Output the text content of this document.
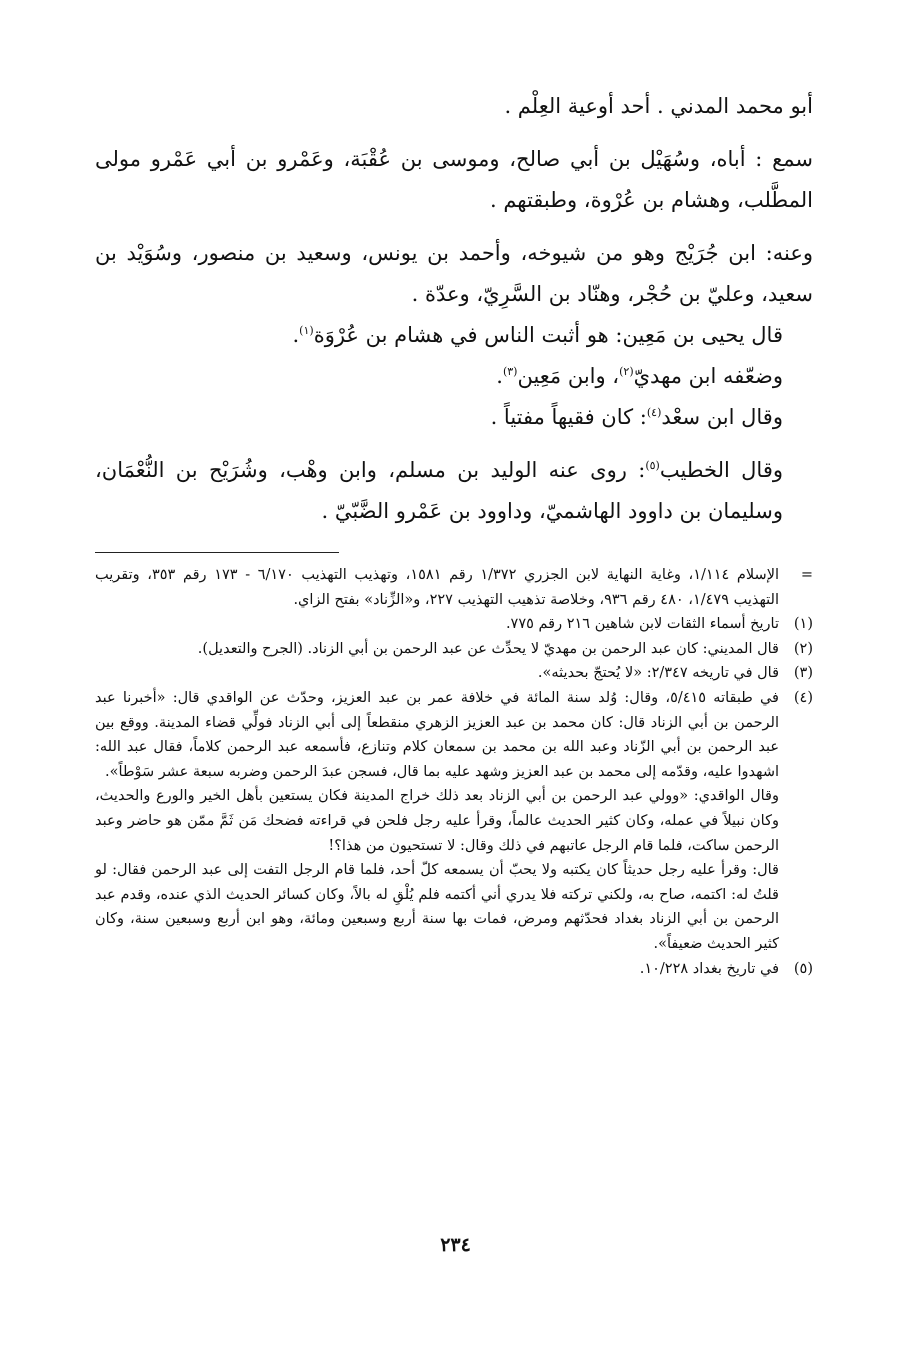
أبو محمد المدني . أحد أوعية العِلْم .

سمع : أباه، وسُهَيْل بن أبي صالح، وموسى بن عُقْبَة، وعَمْرو بن أبي عَمْرو مولى المطَّلب، وهشام بن عُرْوة، وطبقتهم .

وعنه: ابن جُرَيْج وهو من شيوخه، وأحمد بن يونس، وسعيد بن منصور، وسُوَيْد بن سعيد، وعليّ بن حُجْر، وهنّاد بن السَّرِيّ، وعدّة .

قال يحيى بن مَعِين: هو أثبت الناس في هشام بن عُرْوَة$^{(١)}$.

وضعّفه ابن مهديّ$^{(٢)}$، وابن مَعِين$^{(٣)}$.

وقال ابن سعْد$^{(٤)}$: كان فقيهاً مفتياً .

وقال الخطيب$^{(٥)}$: روى عنه الوليد بن مسلم، وابن وهْب، وشُرَيْح بن النُّعْمَان، وسليمان بن داوود الهاشميّ، وداوود بن عَمْرو الضَّبّيّ .

=
الإسلام ١/١١٤، وغاية النهاية لابن الجزري ١/٣٧٢ رقم ١٥٨١، وتهذيب التهذيب ٦/١٧٠ - ١٧٣ رقم ٣٥٣، وتقريب التهذيب ١/٤٧٩، ٤٨٠ رقم ٩٣٦، وخلاصة تذهيب التهذيب ٢٢٧، و«الزِّناد» بفتح الزاي.
(١)
تاريخ أسماء الثقات لابن شاهين ٢١٦ رقم ٧٧٥.
(٢)
قال المديني: كان عبد الرحمن بن مهديّ لا يحدِّث عن عبد الرحمن بن أبي الزناد. (الجرح والتعديل).
(٣)
قال في تاريخه ٢/٣٤٧: «لا يُحتجّ بحديثه».
(٤)
في طبقاته ٥/٤١٥، وقال: وُلد سنة المائة في خلافة عمر بن عبد العزيز، وحدّث عن الواقدي قال: «أخبرنا عبد الرحمن بن أبي الزناد قال: كان محمد بن عبد العزيز الزهري منقطعاً إلى أبي الزناد فولِّي قضاء المدينة. ووقع بين عبد الرحمن بن أبي الزّناد وعبد الله بن محمد بن سمعان كلام وتنازع، فأسمعه عبد الرحمن كلاماً، فقال عبد الله: اشهدوا عليه، وقدّمه إلى محمد بن عبد العزيز وشهد عليه بما قال، فسجن عبدَ الرحمن وضربه سبعة عشر سَوْطاً».
وقال الواقدي: «وولي عبد الرحمن بن أبي الزناد بعد ذلك خراج المدينة فكان يستعين بأهل الخير والورع والحديث، وكان نبيلاً في عمله، وكان كثير الحديث عالماً، وقرأ عليه رجل فلحن في قراءته فضحك مَن ثَمَّ ممّن هو حاضر وعبد الرحمن ساكت، فلما قام الرجل عاتبهم في ذلك وقال: لا تستحيون من هذا؟!
قال: وقرأ عليه رجل حديثاً كان يكتبه ولا يحبّ أن يسمعه كلّ أحد، فلما قام الرجل التفت إلى عبد الرحمن فقال: لو قلتُ له: اكتمه، صاح به، ولكني تركته فلا يدري أني أكتمه فلم يُلْقِ له بالاً، وكان كسائر الحديث الذي عنده، وقدم عبد الرحمن بن أبي الزناد بغداد فحدّثهم ومرض، فمات بها سنة أربع وسبعين ومائة، وهو ابن أربع وسبعين سنة، وكان كثير الحديث ضعيفاً».
(٥)
في تاريخ بغداد ١٠/٢٢٨.
٢٣٤
